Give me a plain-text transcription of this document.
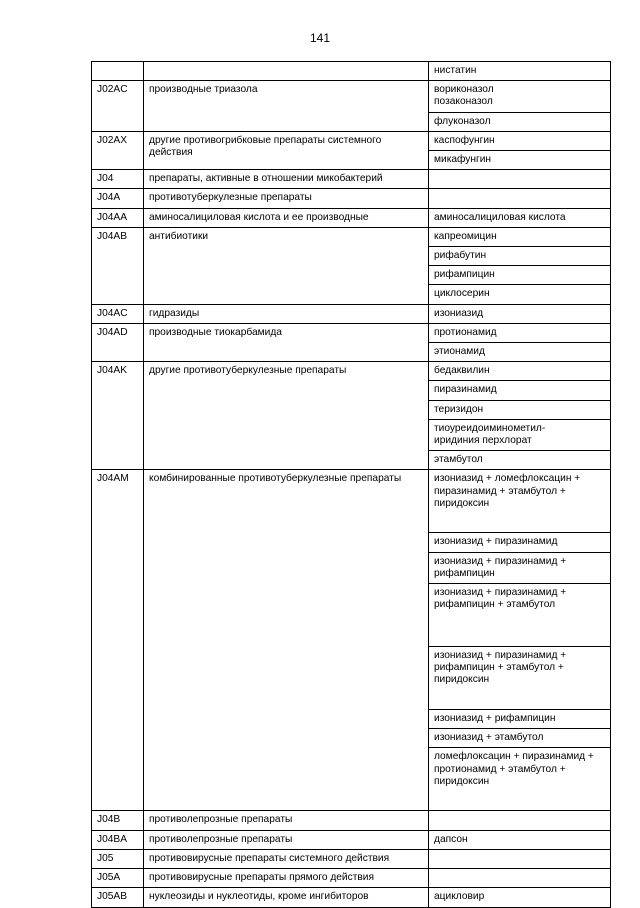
141
		нистатин
J02AC	производные триазола	вориконазол
позаконазол
		флуконазол
J02AX	другие противогрибковые препараты системного действия	каспофунгин
		микафунгин
J04	препараты, активные в отношении микобактерий	
J04A	противотуберкулезные препараты	
J04AA	аминосалициловая кислота и ее производные	аминосалициловая кислота
J04AB	антибиотики	капреомицин
		рифабутин
		рифампицин
		циклосерин
J04AC	гидразиды	изониазид
J04AD	производные тиокарбамида	протионамид
		этионамид
J04AK	другие противотуберкулезные препараты	бедаквилин
		пиразинамид
		теризидон
		тиоуреидоиминометил-
иридиния перхлорат
		этамбутол
J04AM	комбинированные противотуберкулезные препараты	изониазид + ломефлоксацин + пиразинамид + этамбутол + пиридоксин
		изониазид + пиразинамид
		изониазид + пиразинамид + рифампицин
		изониазид + пиразинамид + рифампицин + этамбутол
		изониазид + пиразинамид + рифампицин + этамбутол + пиридоксин
		изониазид + рифампицин
		изониазид + этамбутол
		ломефлоксацин + пиразинамид + протионамид + этамбутол + пиридоксин
J04B	противолепрозные препараты	
J04BA	противолепрозные препараты	дапсон
J05	противовирусные препараты системного действия	
J05A	противовирусные препараты прямого действия	
J05AB	нуклеозиды и нуклеотиды, кроме ингибиторов	ацикловир
